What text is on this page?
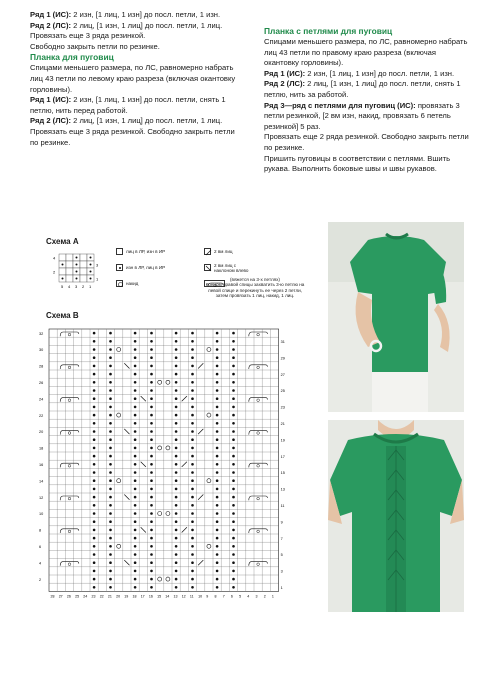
Ряд 1 (ИС): 2 изн, [1 лиц, 1 изн] до посл. петли, 1 изн.

Ряд 2 (ЛС): 2 лиц, [1 изн, 1 лиц] до посл. петли, 1 лиц.

Провязать еще 3 ряда резинкой.

Свободно закрыть петли по резинке.

Планка для пуговиц

Спицами меньшего размера, по ЛС, равномерно набрать лиц 43 петли по левому краю разреза (включая окантовку горловины).

Ряд 1 (ИС): 2 изн, [1 лиц, 1 изн] до посл. петли, снять 1 петлю, нить перед работой.

Ряд 2 (ЛС): 2 лиц, [1 изн, 1 лиц] до посл. петли, 1 лиц.

Провязать еще 3 ряда резинкой. Свободно закрыть петли по резинке.

Планка с петлями для пуговиц

Спицами меньшего размера, по ЛС, равномерно набрать лиц 43 петли по правому краю разреза (включая окантовку горловины).

Ряд 1 (ИС): 2 изн, [1 лиц, 1 изн] до посл. петли, 1 изн.

Ряд 2 (ЛС): 2 лиц, [1 изн, 1 лиц] до посл. петли, снять 1 петлю, нить за работой.

Ряд 3—ряд с петлями для пуговиц (ИС): провязать 3 петли резинкой, [2 вм изн, накид, провязать 6 петель резинкой] 5 раз.

Провязать еще 2 ряда резинкой. Свободно закрыть петли по резинке.

Пришить пуговицы в соответствии с петлями. Вшить рукава. Выполнить боковые швы и швы рукавов.

Схема А
4
2
3
1
5 4 3 2 1
лиц в ЛР, изн в ИР	2 вм лиц
изн в ЛР, лиц в ИР	2 вм лиц с наклоном влево
накид
(вяжется на 3-х петлях)
Концом правой спицы захватить 3-ю петлю на левой спице и перекинуть ее через 2 петли, затем провязать 1 лиц, накид, 1 лиц.
Схема В
32
30
28
26
24
22
20
18
16
14
12
10
8
6
4
2
31
29
27
25
23
21
19
17
15
13
11
9
7
5
3
1
28 27 26 25 24 23 22 21 20 19 18 17 16 15 14 13 12 11 10 9 8 7 6 5 4 3 2 1
